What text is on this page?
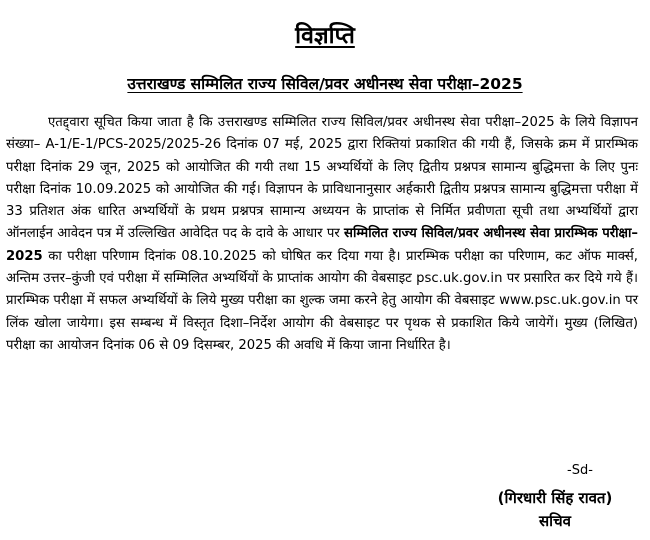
विज्ञप्ति
उत्तराखण्ड सम्मिलित राज्य सिविल/प्रवर अधीनस्थ सेवा परीक्षा–2025

एतद्द्वारा सूचित किया जाता है कि उत्तराखण्ड सम्मिलित राज्य सिविल/प्रवर अधीनस्थ सेवा परीक्षा–2025 के लिये विज्ञापन संख्या– A-1/E-1/PCS-2025/2025-26 दिनांक 07 मई, 2025 द्वारा रिक्तियां प्रकाशित की गयी हैं, जिसके क्रम में प्रारम्भिक परीक्षा दिनांक 29 जून, 2025 को आयोजित की गयी तथा 15 अभ्यर्थियों के लिए द्वितीय प्रश्नपत्र सामान्य बुद्धिमत्ता के लिए पुनः परीक्षा दिनांक 10.09.2025 को आयोजित की गई। विज्ञापन के प्राविधानानुसार अर्हकारी द्वितीय प्रश्नपत्र सामान्य बुद्धिमत्ता परीक्षा में 33 प्रतिशत अंक धारित अभ्यर्थियों के प्रथम प्रश्नपत्र सामान्य अध्ययन के प्राप्तांक से निर्मित प्रवीणता सूची तथा अभ्यर्थियों द्वारा ऑनलाईन आवेदन पत्र में उल्लिखित आवेदित पद के दावे के आधार पर सम्मिलित राज्य सिविल/प्रवर अधीनस्थ सेवा प्रारम्भिक परीक्षा–2025 का परीक्षा परिणाम दिनांक 08.10.2025 को घोषित कर दिया गया है। प्रारम्भिक परीक्षा का परिणाम, कट ऑफ मार्क्स, अन्तिम उत्तर–कुंजी एवं परीक्षा में सम्मिलित अभ्यर्थियों के प्राप्तांक आयोग की वेबसाइट psc.uk.gov.in पर प्रसारित कर दिये गये हैं। प्रारम्भिक परीक्षा में सफल अभ्यर्थियों के लिये मुख्य परीक्षा का शुल्क जमा करने हेतु आयोग की वेबसाइट www.psc.uk.gov.in पर लिंक खोला जायेगा। इस सम्बन्ध में विस्तृत दिशा–निर्देश आयोग की वेबसाइट पर पृथक से प्रकाशित किये जायेगें। मुख्य (लिखित) परीक्षा का आयोजन दिनांक 06 से 09 दिसम्बर, 2025 की अवधि में किया जाना निर्धारित है।

-Sd-
(गिरधारी सिंह रावत)
सचिव
